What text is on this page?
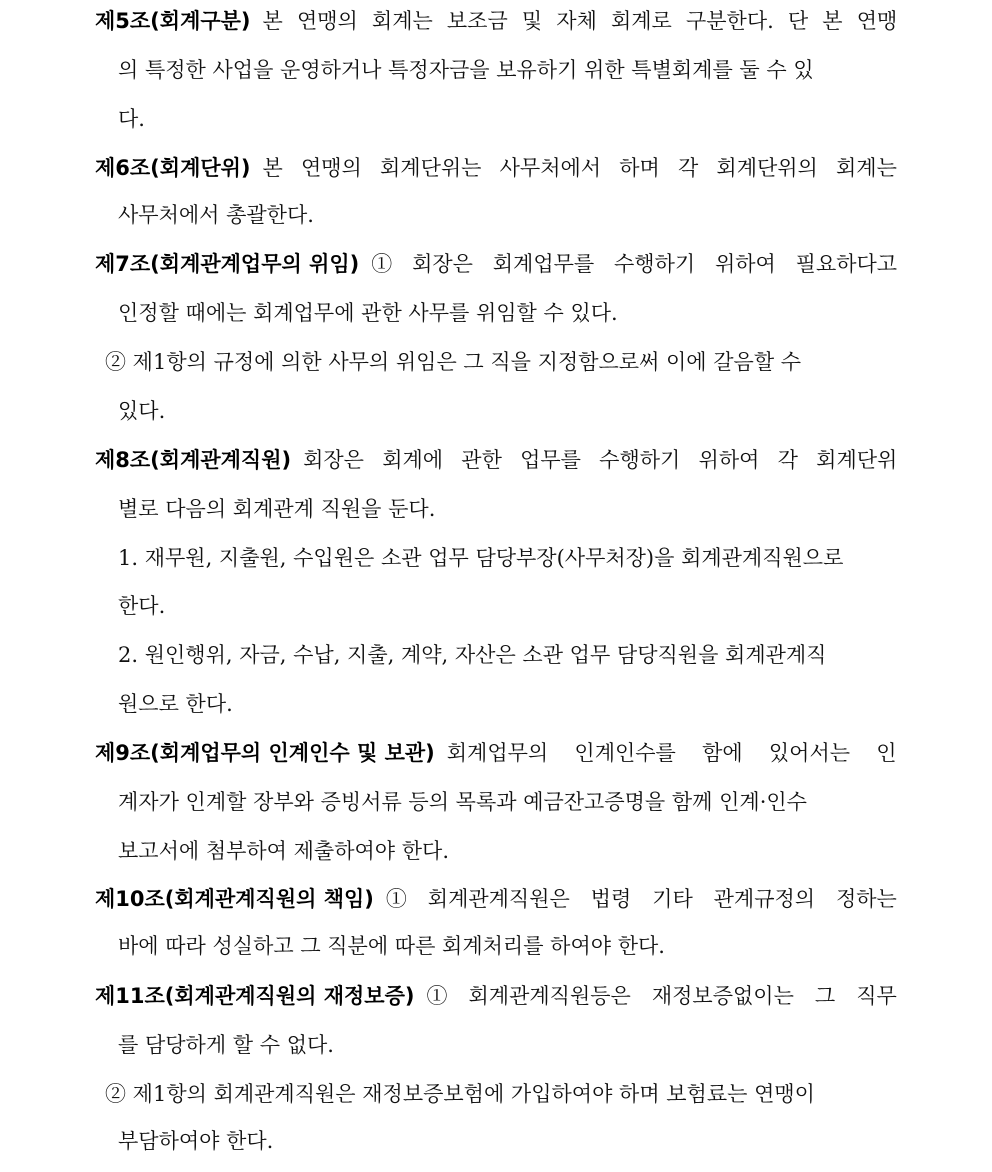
제5조(회계구분) 본 연맹의 회계는 보조금 및 자체 회계로 구분한다. 단 본 연맹
의 특정한 사업을 운영하거나 특정자금을 보유하기 위한 특별회계를 둘 수 있
다.
제6조(회계단위) 본 연맹의 회계단위는 사무처에서 하며 각 회계단위의 회계는
사무처에서 총괄한다.
제7조(회계관계업무의 위임) ① 회장은 회계업무를 수행하기 위하여 필요하다고
인정할 때에는 회계업무에 관한 사무를 위임할 수 있다.
② 제1항의 규정에 의한 사무의 위임은 그 직을 지정함으로써 이에 갈음할 수
있다.
제8조(회계관계직원) 회장은 회계에 관한 업무를 수행하기 위하여 각 회계단위
별로 다음의 회계관계 직원을 둔다.
1. 재무원, 지출원, 수입원은 소관 업무 담당부장(사무처장)을 회계관계직원으로
한다.
2. 원인행위, 자금, 수납, 지출, 계약, 자산은 소관 업무 담당직원을 회계관계직
원으로 한다.
제9조(회계업무의 인계인수 및 보관) 회계업무의 인계인수를 함에 있어서는 인
계자가 인계할 장부와 증빙서류 등의 목록과 예금잔고증명을 함께 인계·인수
보고서에 첨부하여 제출하여야 한다.
제10조(회계관계직원의 책임) ① 회계관계직원은 법령 기타 관계규정의 정하는
바에 따라 성실하고 그 직분에 따른 회계처리를 하여야 한다.
제11조(회계관계직원의 재정보증) ① 회계관계직원등은 재정보증없이는 그 직무
를 담당하게 할 수 없다.
② 제1항의 회계관계직원은 재정보증보험에 가입하여야 하며 보험료는 연맹이
부담하여야 한다.
